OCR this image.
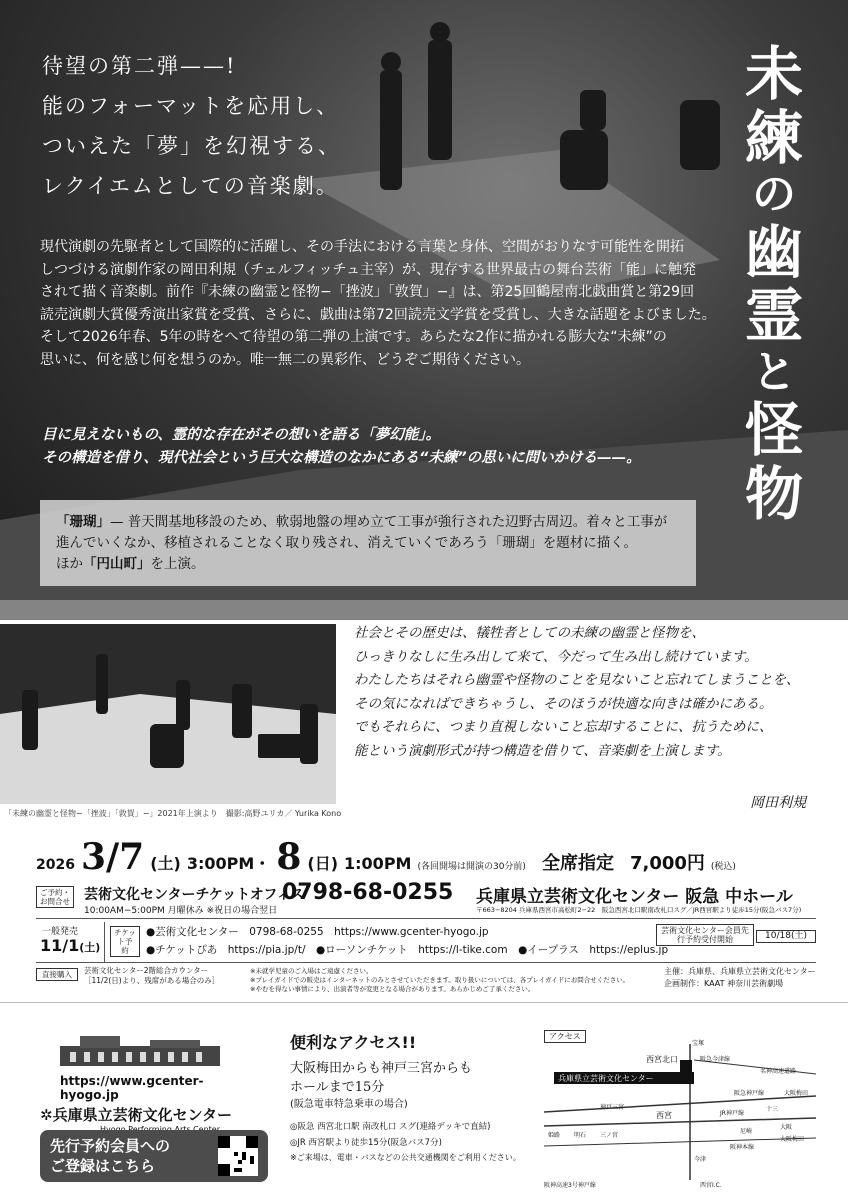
待望の第二弾——!
能のフォーマットを応用し、
ついえた「夢」を幻視する、
レクイエムとしての音楽劇。
未練
の
幽霊
と
怪物
現代演劇の先駆者として国際的に活躍し、その手法における言葉と身体、空間がおりなす可能性を開拓
しつづける演劇作家の岡田利規（チェルフィッチュ主宰）が、現存する世界最古の舞台芸術「能」に触発
されて描く音楽劇。前作『未練の幽霊と怪物−「挫波」「敦賀」−』は、第25回鶴屋南北戯曲賞と第29回
読売演劇大賞優秀演出家賞を受賞、さらに、戯曲は第72回読売文学賞を受賞し、大きな話題をよびました。
そして2026年春、5年の時をへて待望の第二弾の上演です。あらたな2作に描かれる膨大な“未練”の
思いに、何を感じ何を想うのか。唯一無二の異彩作、どうぞご期待ください。
目に見えないもの、霊的な存在がその想いを語る「夢幻能」。
その構造を借り、現代社会という巨大な構造のなかにある“未練”の思いに問いかける——。
「珊瑚」— 普天間基地移設のため、軟弱地盤の埋め立て工事が強行された辺野古周辺。着々と工事が
進んでいくなか、移植されることなく取り残され、消えていくであろう「珊瑚」を題材に描く。
ほか「円山町」を上演。
「未練の幽霊と怪物−「挫波」「敦賀」−」2021年上演より　撮影:高野ユリカ／ Yurika Kono
社会とその歴史は、犠牲者としての未練の幽霊と怪物を、
ひっきりなしに生み出して来て、今だって生み出し続けています。
わたしたちはそれら幽霊や怪物のことを見ないこと忘れてしまうことを、
その気になればできちゃうし、そのほうが快適な向きは確かにある。
でもそれらに、つまり直視しないこと忘却することに、抗うために、
能という演劇形式が持つ構造を借りて、音楽劇を上演します。
岡田利規
2026 3/7 (土) 3:00PM・ 8 (日) 1:00PM (各回開場は開演の30分前) 全席指定 7,000円 (税込)
ご予約・お問合せ 芸術文化センターチケットオフィス
0798-68-0255
10:00AM−5:00PM 月曜休み ※祝日の場合翌日
兵庫県立芸術文化センター 阪急 中ホール
〒663−8204 兵庫県西宮市高松町2−22　阪急西宮北口駅南改札口スグ／JR西宮駅より徒歩15分(阪急バス7分)
一般発売
11/1(土)
チケット予約
●芸術文化センター　0798-68-0255　https://www.gcenter-hyogo.jp
●チケットぴあ　https://pia.jp/t/　●ローソンチケット　https://l-tike.com　●イープラス　https://eplus.jp
芸術文化センター会員先行予約受付開始	10/18(土)
直接購入	芸術文化センター2階総合カウンター［11/2(日)より、残席がある場合のみ］
※未就学児童のご入場はご遠慮ください。
※プレイガイドでの販売はインターネットのみとさせていただきます。取り扱いについては、各プレイガイドにお問合せください。
※やむを得ない事情により、出演者等が変更となる場合があります。あらかじめご了承ください。
主催：兵庫県、兵庫県立芸術文化センター
企画制作：KAAT 神奈川芸術劇場
https://www.gcenter-hyogo.jp
✲兵庫県立芸術文化センター
先行予約会員への
ご登録はこちら
便利なアクセス!!
大阪梅田からも神戸三宮からも
ホールまで15分
(阪急電車特急乗車の場合)
◎阪急 西宮北口駅 南改札口 スグ(連絡デッキで直結)
◎JR 西宮駅より徒歩15分(阪急バス7分)
※ご来場は、電車・バスなどの公共交通機関をご利用ください。
アクセス
兵庫県立芸術文化センター
宝塚
西宮北口	阪急今津線
名神高速道路
大阪梅田
阪急神戸線
神戸三宮
西宮	JR神戸線
十三
姫路 明石 三ノ宮
尼崎
大阪
阪神本線
今津
西宮I.C.
阪神高速3号神戸線
大阪梅田
